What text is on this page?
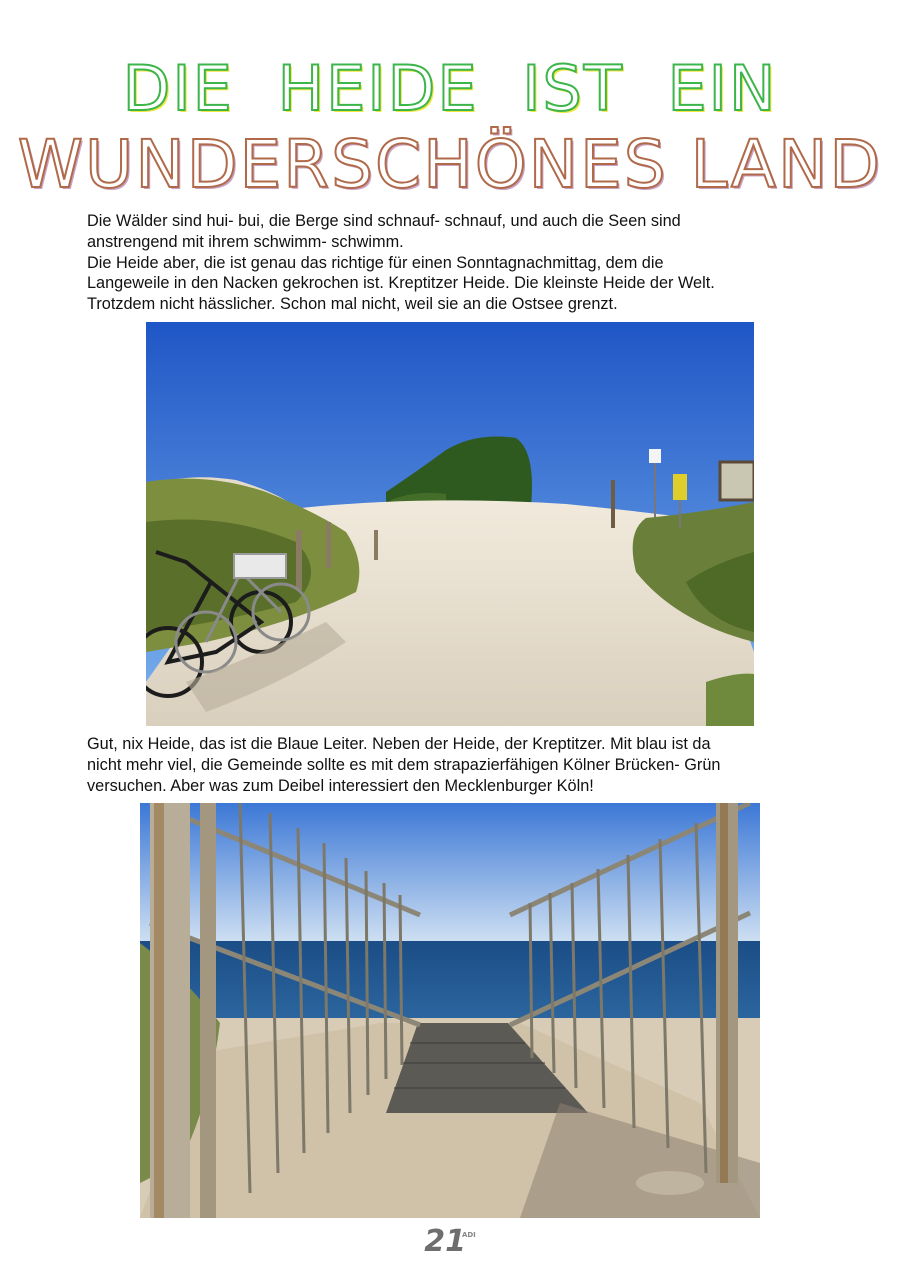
DIE HEIDE IST EIN
WUNDERSCHÖNES LAND

Die Wälder sind hui- bui, die Berge sind schnauf- schnauf, und auch die Seen sind
anstrengend mit ihrem schwimm- schwimm.
Die Heide aber, die ist genau das richtige für einen Sonntagnachmittag, dem die
Langeweile in den Nacken gekrochen ist. Kreptitzer Heide. Die kleinste Heide der Welt.
Trotzdem nicht hässlicher. Schon mal nicht, weil sie an die Ostsee grenzt.

Gut, nix Heide, das ist die Blaue Leiter. Neben der Heide, der Kreptitzer. Mit blau ist da
nicht mehr viel, die Gemeinde sollte es mit dem strapazierfähigen Kölner Brücken- Grün
versuchen. Aber was zum Deibel interessiert den Mecklenburger Köln!

$21^{ADI}$
